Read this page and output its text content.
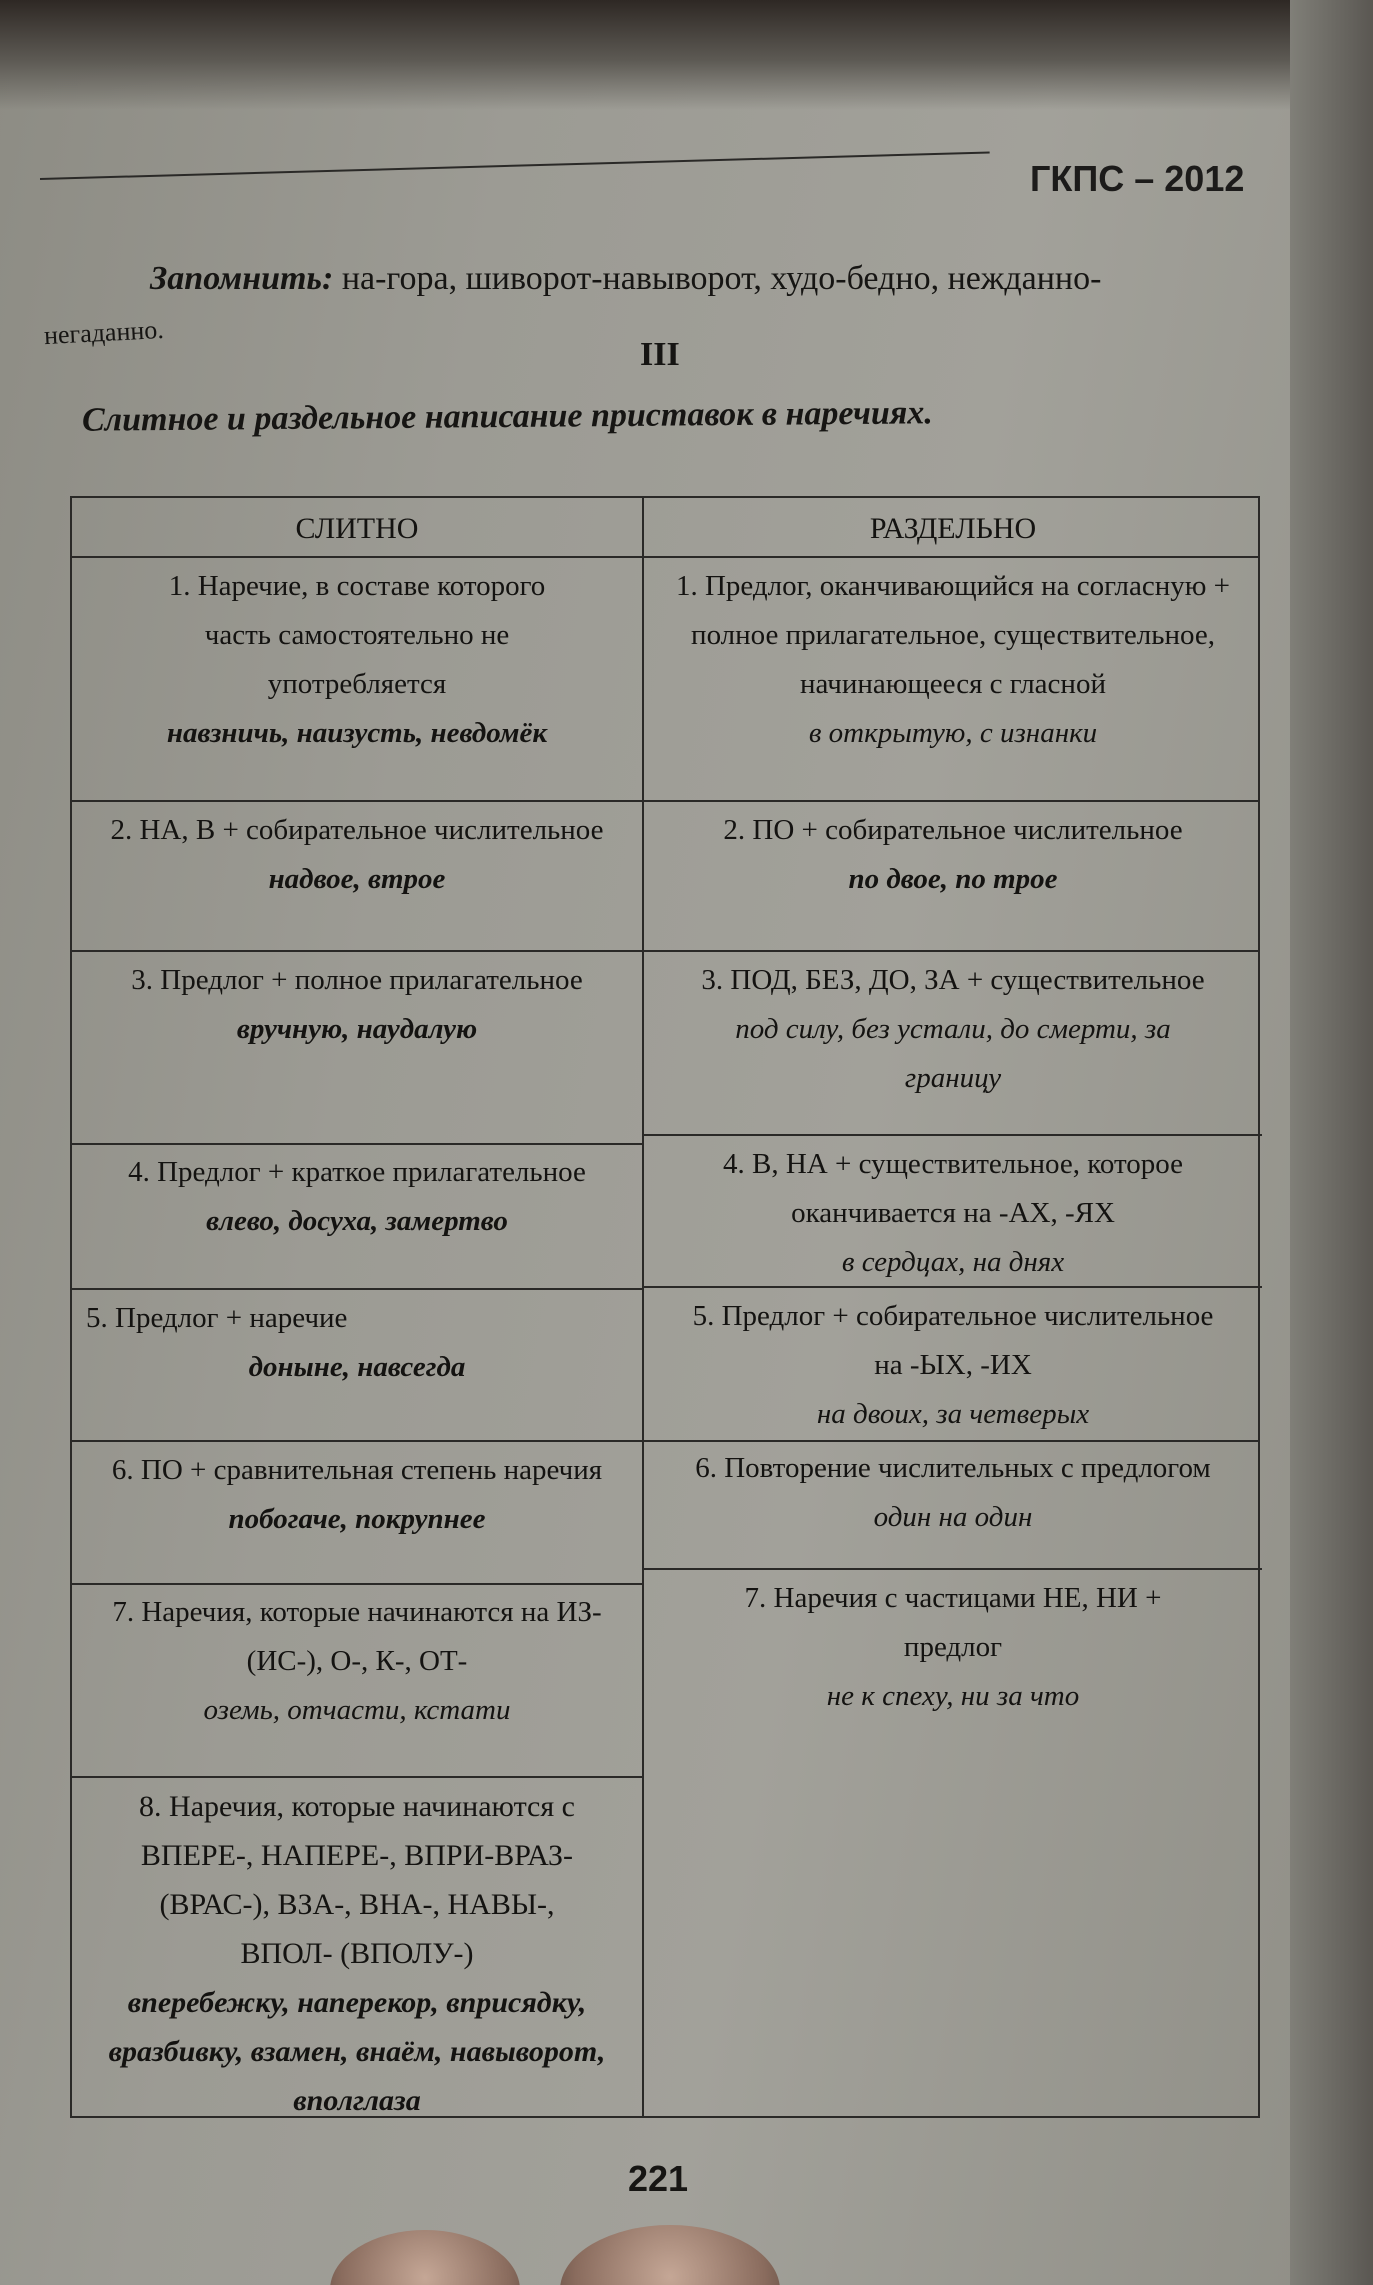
ГКПС – 2012
Запомнить: на-гора, шиворот-навыворот, худо-бедно, нежданно-
негаданно.
III
Слитное и раздельное написание приставок в наречиях.
СЛИТНО	РАЗДЕЛЬНО
1. Наречие, в составе которого часть самостоятельно не употребляется
навзничь, наизусть, невдомёк
2. НА, В + собирательное числительное
надвое, втрое
3. Предлог + полное прилагательное
вручную, наудалую
4. Предлог + краткое прилагательное
влево, досуха, замертво
5. Предлог + наречие
доныне, навсегда
6. ПО + сравнительная степень наречия
побогаче, покрупнее
7. Наречия, которые начинаются на ИЗ- (ИС-), О-, К-, ОТ-
оземь, отчасти, кстати
8. Наречия, которые начинаются с ВПЕРЕ-, НАПЕРЕ-, ВПРИ-ВРАЗ- (ВРАС-), ВЗА-, ВНА-, НАВЫ-, ВПОЛ- (ВПОЛУ-)
вперебежку, наперекор, вприсядку, вразбивку, взамен, внаём, навыворот, вполглаза
1. Предлог, оканчивающийся на согласную + полное прилагательное, существительное, начинающееся с гласной
в открытую, с изнанки
2. ПО + собирательное числительное
по двое, по трое
3. ПОД, БЕЗ, ДО, ЗА + существительное
под силу, без устали, до смерти, за границу
4. В, НА + существительное, которое оканчивается на -АХ, -ЯХ
в сердцах, на днях
5. Предлог + собирательное числительное на -ЫХ, -ИХ
на двоих, за четверых
6. Повторение числительных с предлогом
один на один
7. Наречия с частицами НЕ, НИ + предлог
не к спеху, ни за что
221
